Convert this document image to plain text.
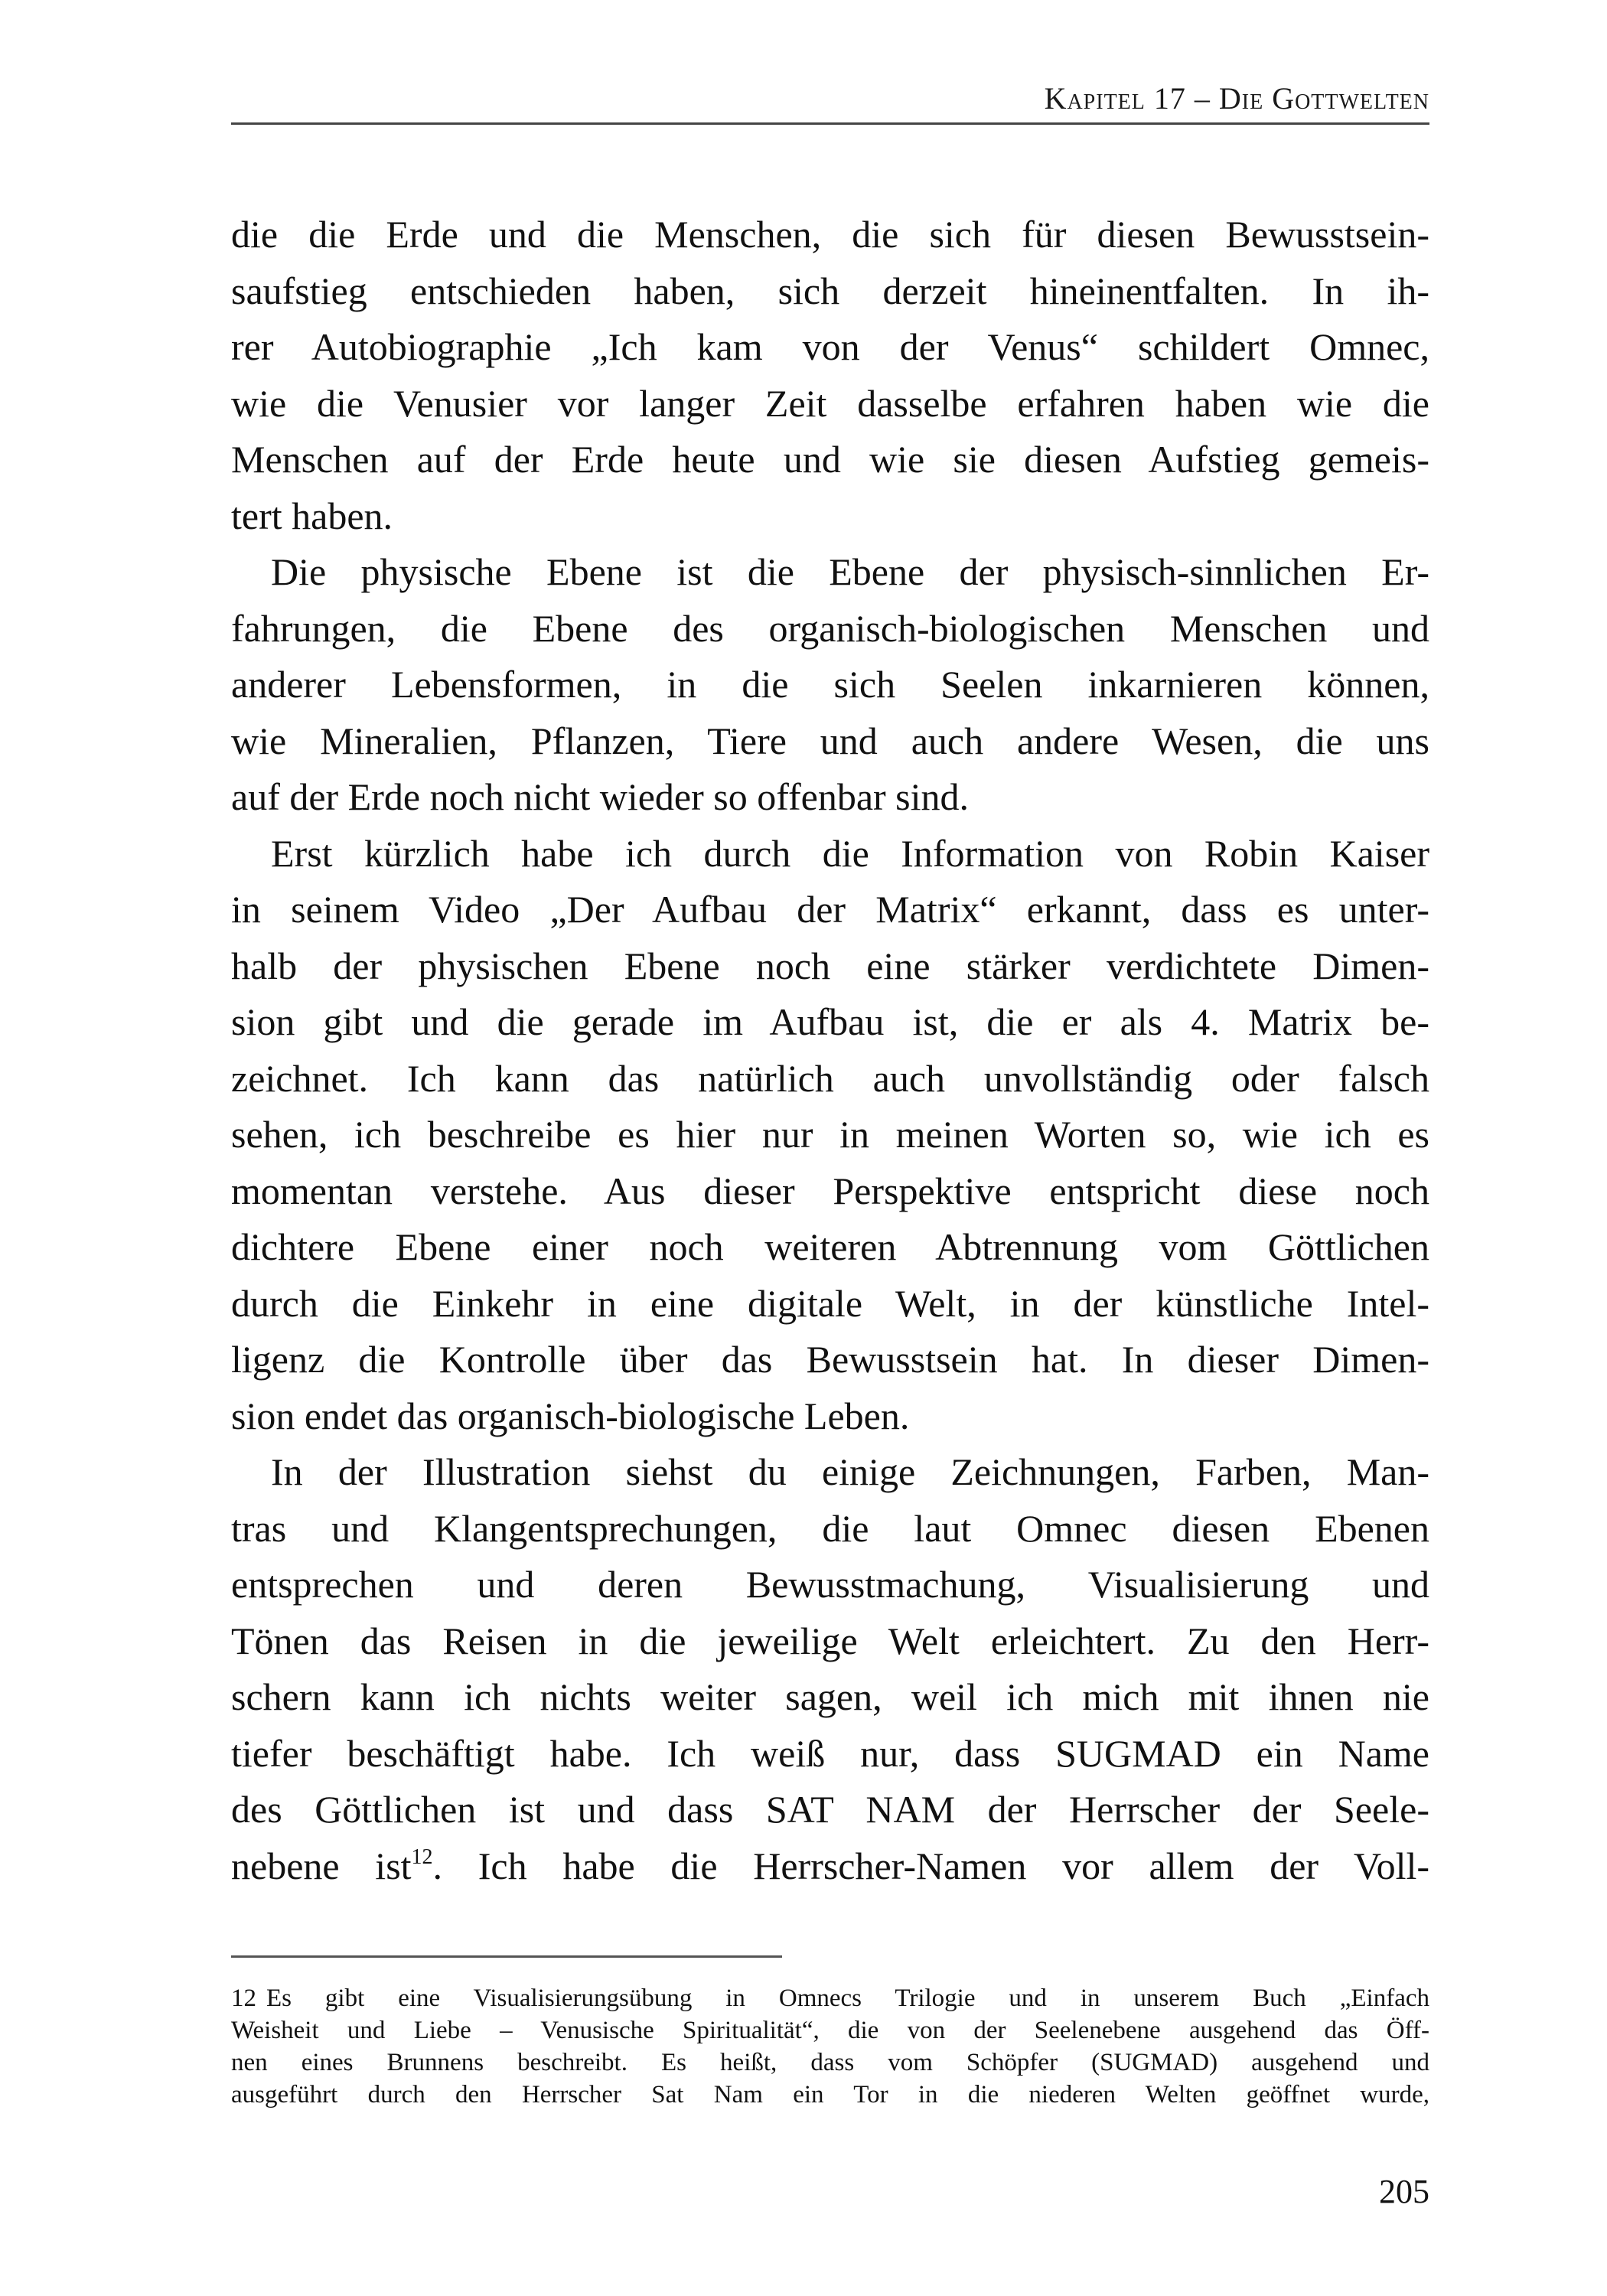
Kapitel 17 – Die Gottwelten
die die Erde und die Menschen, die sich für diesen Bewusstsein-
saufstieg entschieden haben, sich derzeit hineinentfalten. In ih-
rer Autobiographie „Ich kam von der Venus“ schildert Omnec,
wie die Venusier vor langer Zeit dasselbe erfahren haben wie die
Menschen auf der Erde heute und wie sie diesen Aufstieg gemeis-
tert haben.
Die physische Ebene ist die Ebene der physisch-sinnlichen Er-
fahrungen, die Ebene des organisch-biologischen Menschen und
anderer Lebensformen, in die sich Seelen inkarnieren können,
wie Mineralien, Pflanzen, Tiere und auch andere Wesen, die uns
auf der Erde noch nicht wieder so offenbar sind.
Erst kürzlich habe ich durch die Information von Robin Kaiser
in seinem Video „Der Aufbau der Matrix“ erkannt, dass es unter-
halb der physischen Ebene noch eine stärker verdichtete Dimen-
sion gibt und die gerade im Aufbau ist, die er als 4. Matrix be-
zeichnet. Ich kann das natürlich auch unvollständig oder falsch
sehen, ich beschreibe es hier nur in meinen Worten so, wie ich es
momentan verstehe. Aus dieser Perspektive entspricht diese noch
dichtere Ebene einer noch weiteren Abtrennung vom Göttlichen
durch die Einkehr in eine digitale Welt, in der künstliche Intel-
ligenz die Kontrolle über das Bewusstsein hat. In dieser Dimen-
sion endet das organisch-biologische Leben.
In der Illustration siehst du einige Zeichnungen, Farben, Man-
tras und Klangentsprechungen, die laut Omnec diesen Ebenen
entsprechen und deren Bewusstmachung, Visualisierung und
Tönen das Reisen in die jeweilige Welt erleichtert. Zu den Herr-
schern kann ich nichts weiter sagen, weil ich mich mit ihnen nie
tiefer beschäftigt habe. Ich weiß nur, dass SUGMAD ein Name
des Göttlichen ist und dass SAT NAM der Herrscher der Seele-
nebene ist$^{12}$. Ich habe die Herrscher-Namen vor allem der Voll-
12 Es gibt eine Visualisierungsübung in Omnecs Trilogie und in unserem Buch „Einfach
Weisheit und Liebe – Venusische Spiritualität“, die von der Seelenebene ausgehend das Öff-
nen eines Brunnens beschreibt. Es heißt, dass vom Schöpfer (SUGMAD) ausgehend und
ausgeführt durch den Herrscher Sat Nam ein Tor in die niederen Welten geöffnet wurde,
205
